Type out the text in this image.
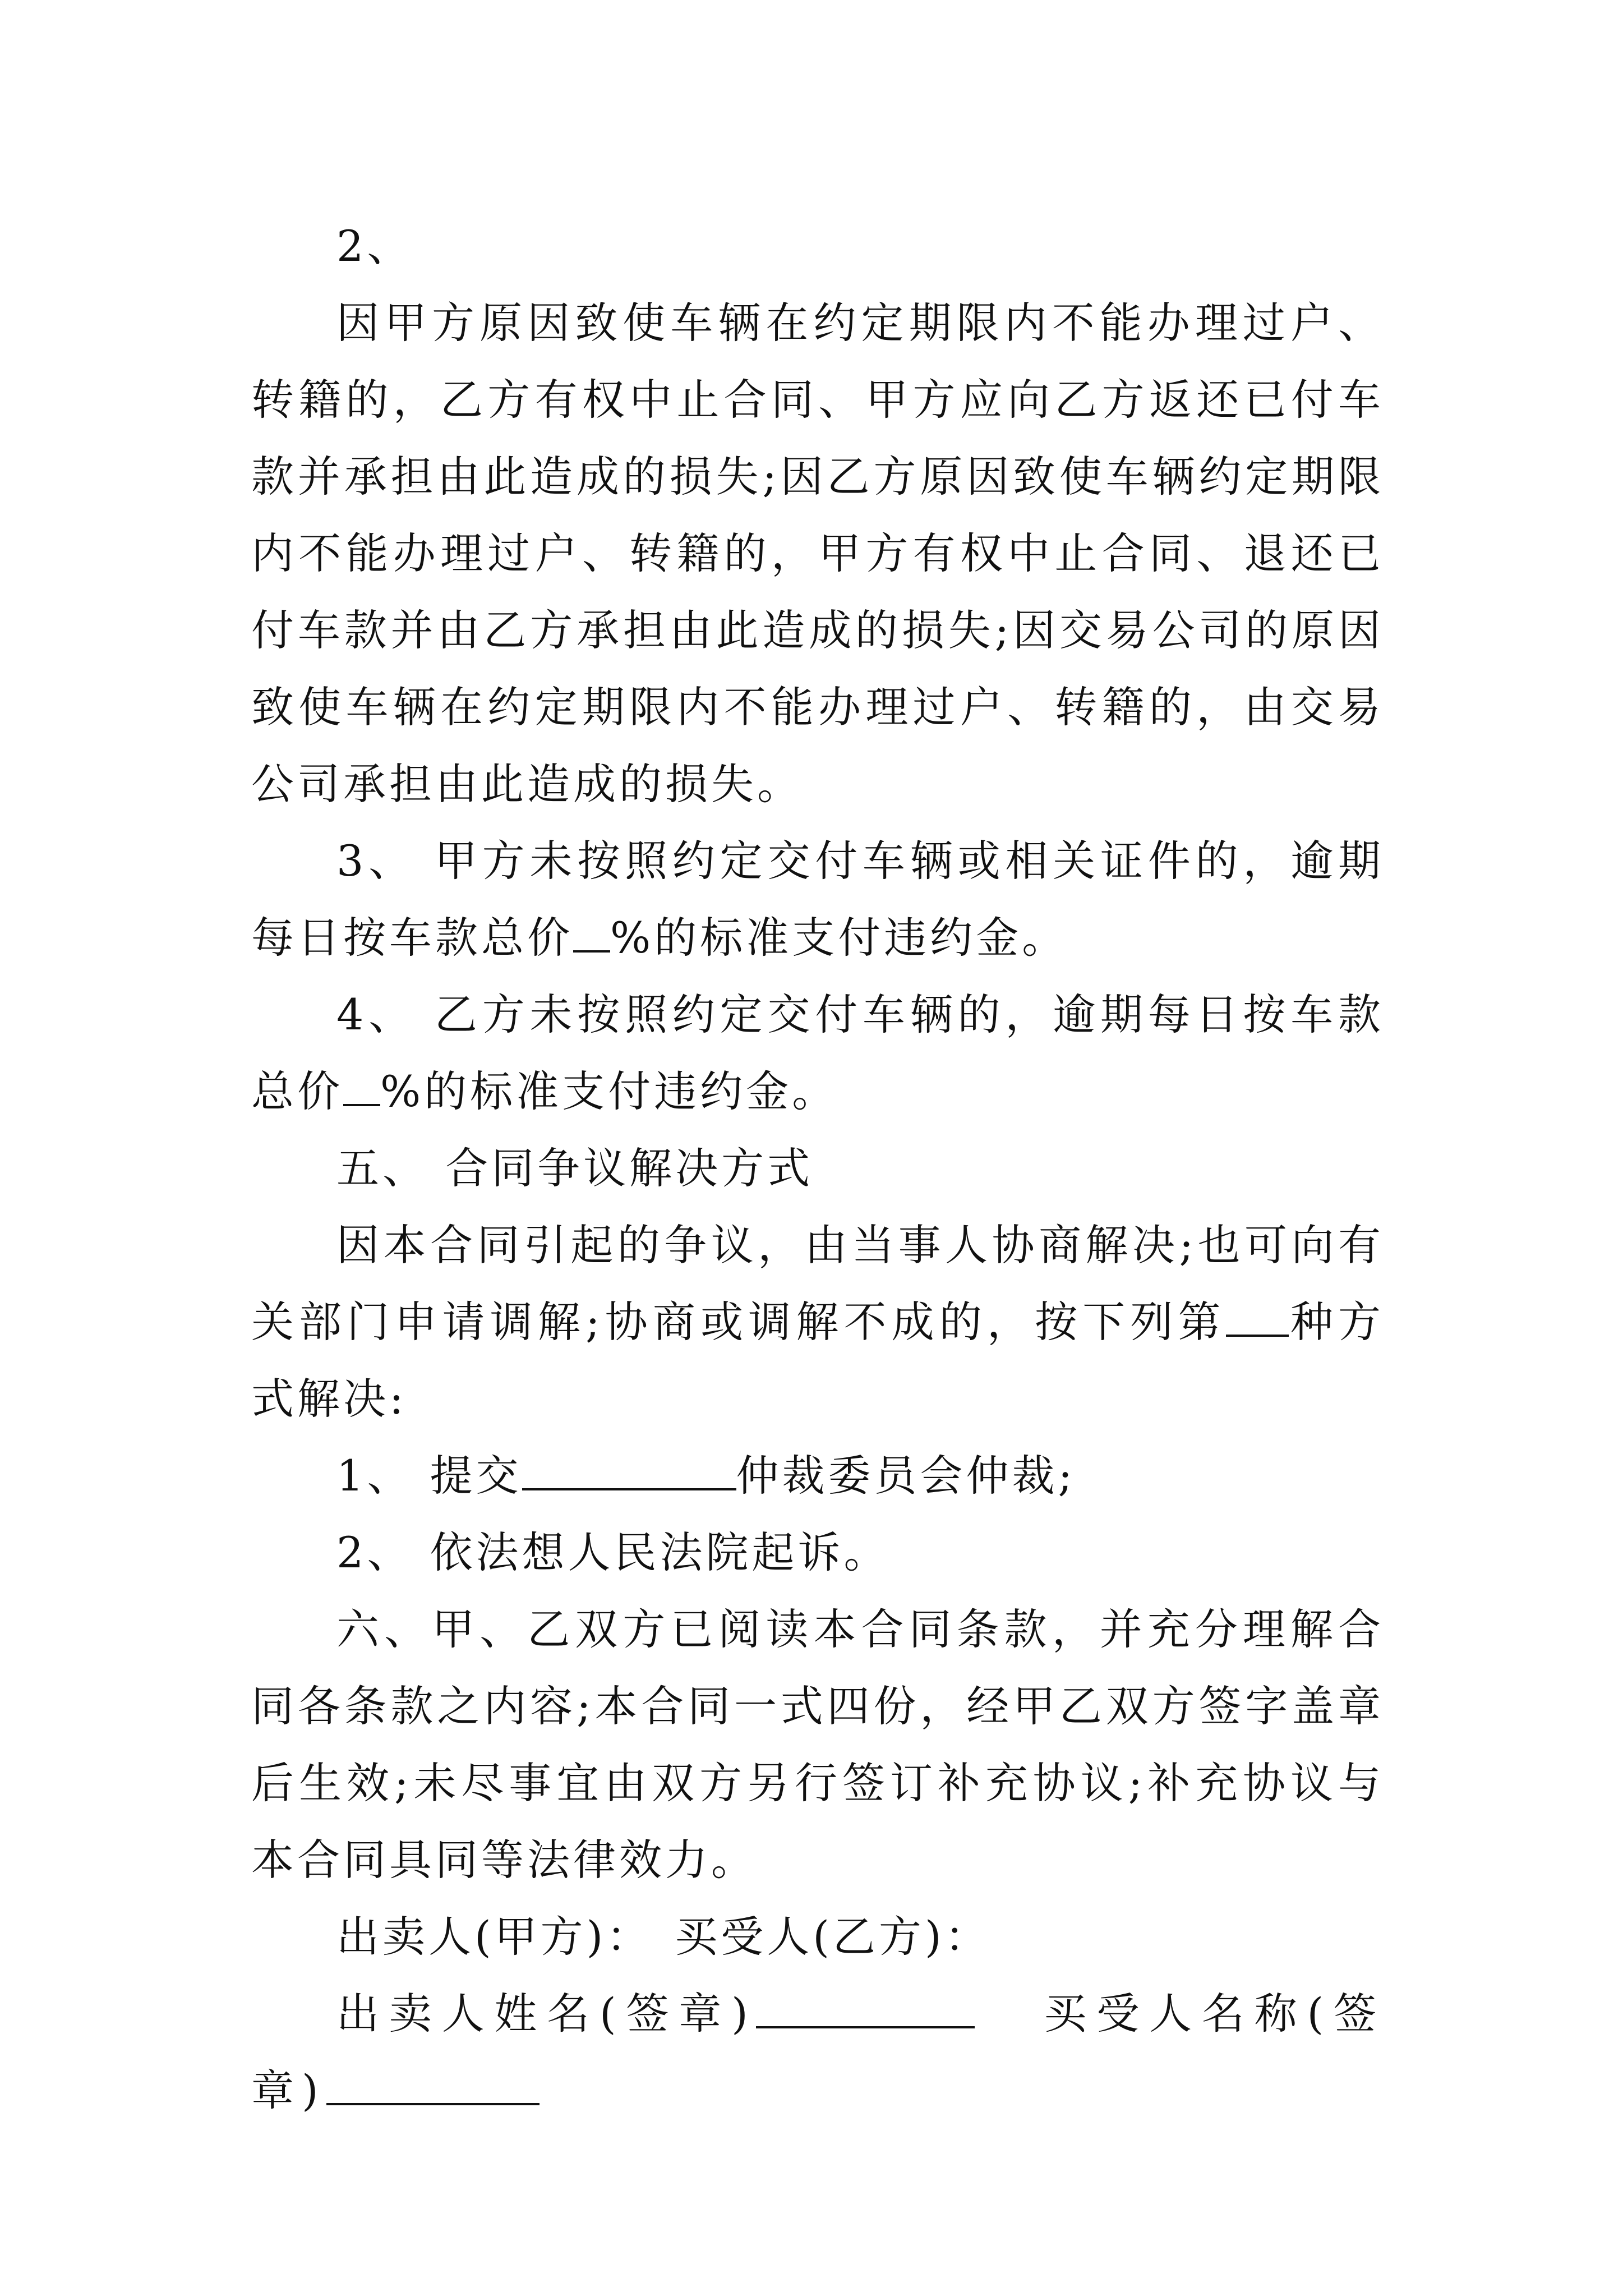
2、

因甲方原因致使车辆在约定期限内不能办理过户、转籍的，乙方有权中止合同、甲方应向乙方返还已付车款并承担由此造成的损失;因乙方原因致使车辆约定期限内不能办理过户、转籍的，甲方有权中止合同、退还已付车款并由乙方承担由此造成的损失;因交易公司的原因致使车辆在约定期限内不能办理过户、转籍的，由交易公司承担由此造成的损失。

3、 甲方未按照约定交付车辆或相关证件的，逾期每日按车款总价 %的标准支付违约金。

4、 乙方未按照约定交付车辆的，逾期每日按车款总价 %的标准支付违约金。

五、 合同争议解决方式

因本合同引起的争议，由当事人协商解决;也可向有关部门申请调解;协商或调解不成的，按下列第 种方式解决:

1、 提交	仲裁委员会仲裁;

2、 依法想人民法院起诉。

六、甲、乙双方已阅读本合同条款，并充分理解合同各条款之内容;本合同一式四份，经甲乙双方签字盖章后生效;未尽事宜由双方另行签订补充协议;补充协议与本合同具同等法律效力。

出卖人(甲方)： 买受人(乙方)：

出卖人姓名(签章)	买受人名称(签章)
